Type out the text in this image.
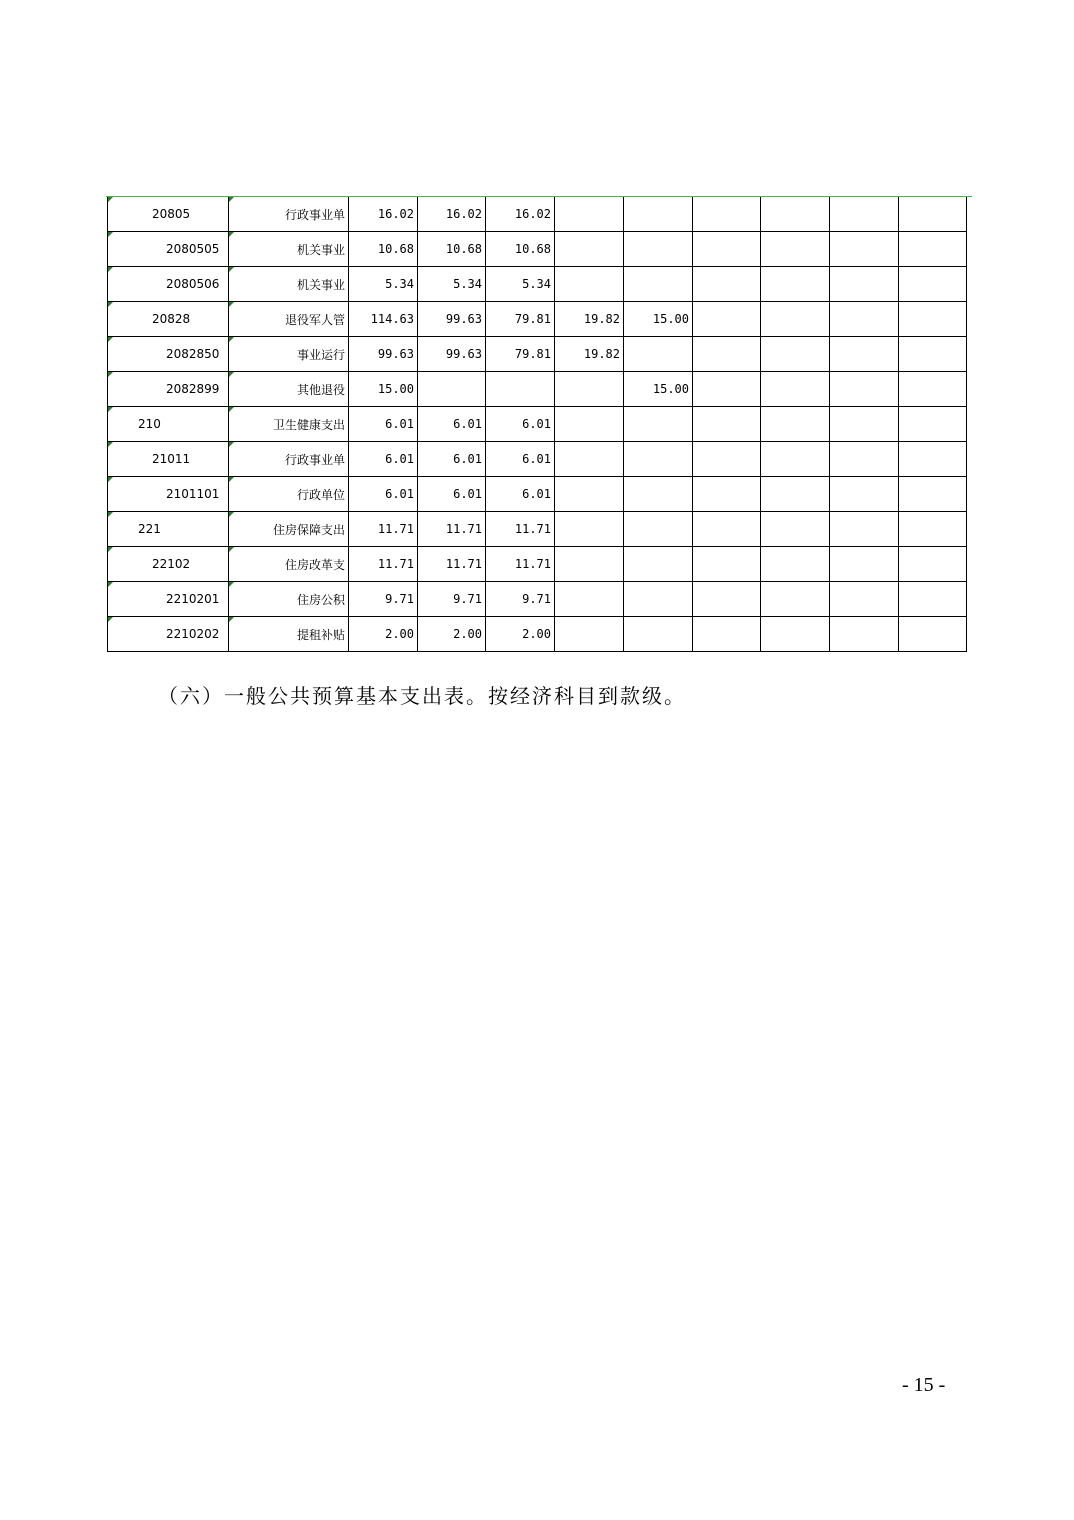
20805	行政事业单	16.02	16.02	16.02						
2080505	机关事业	10.68	10.68	10.68						
2080506	机关事业	5.34	5.34	5.34						
20828	退役军人管	114.63	99.63	79.81	19.82	15.00				
2082850	事业运行	99.63	99.63	79.81	19.82					
2082899	其他退役	15.00				15.00				
210	卫生健康支出	6.01	6.01	6.01						
21011	行政事业单	6.01	6.01	6.01						
2101101	行政单位	6.01	6.01	6.01						
221	住房保障支出	11.71	11.71	11.71						
22102	住房改革支	11.71	11.71	11.71						
2210201	住房公积	9.71	9.71	9.71						
2210202	提租补贴	2.00	2.00	2.00						
（六）一般公共预算基本支出表。按经济科目到款级。
- 15 -
